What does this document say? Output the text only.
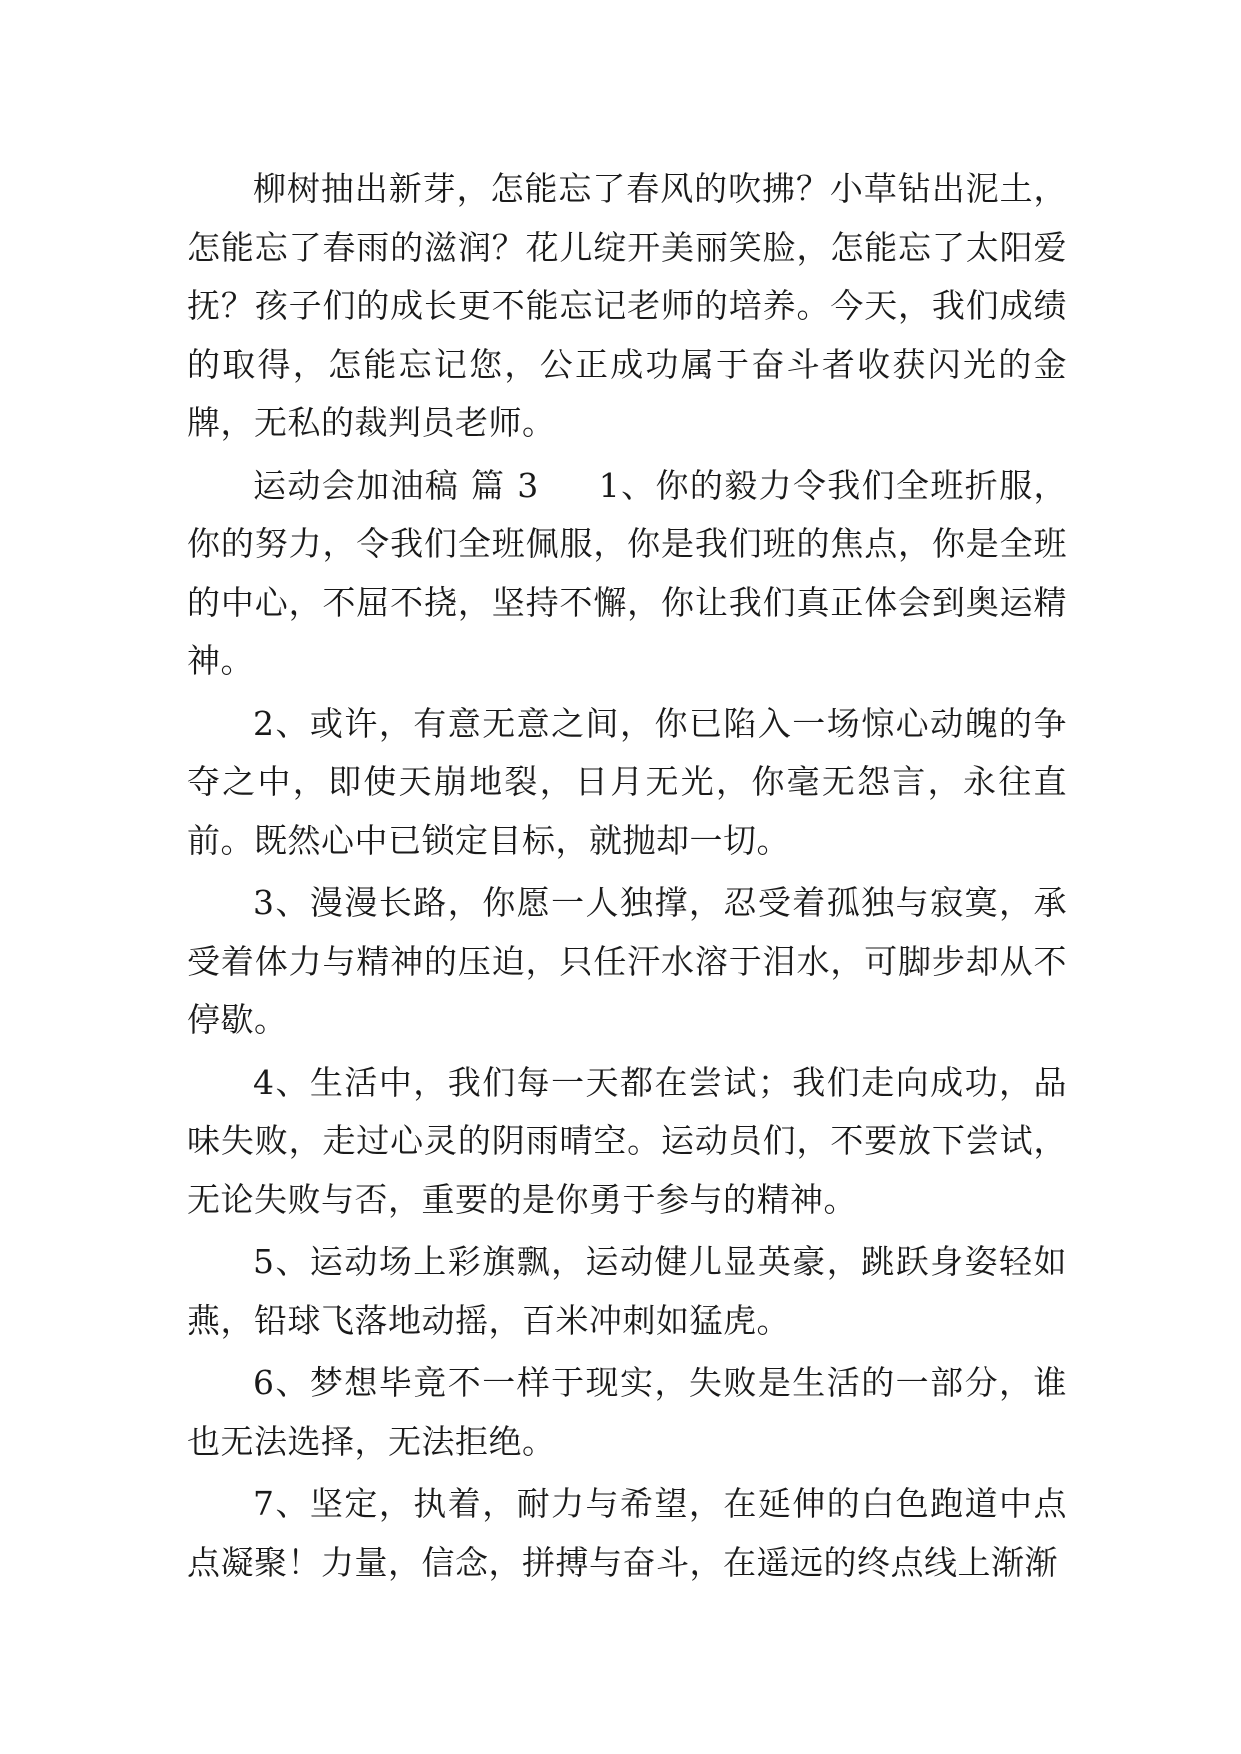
柳树抽出新芽，怎能忘了春风的吹拂？小草钻出泥土，怎能忘了春雨的滋润？花儿绽开美丽笑脸，怎能忘了太阳爱抚？孩子们的成长更不能忘记老师的培养。今天，我们成绩的取得，怎能忘记您，公正成功属于奋斗者收获闪光的金牌，无私的裁判员老师。

运动会加油稿 篇 3 1、你的毅力令我们全班折服，你的努力，令我们全班佩服，你是我们班的焦点，你是全班的中心，不屈不挠，坚持不懈，你让我们真正体会到奥运精神。

2、或许，有意无意之间，你已陷入一场惊心动魄的争夺之中，即使天崩地裂，日月无光，你毫无怨言，永往直前。既然心中已锁定目标，就抛却一切。

3、漫漫长路，你愿一人独撑，忍受着孤独与寂寞，承受着体力与精神的压迫，只任汗水溶于泪水，可脚步却从不停歇。

4、生活中，我们每一天都在尝试；我们走向成功，品味失败，走过心灵的阴雨晴空。运动员们，不要放下尝试，无论失败与否，重要的是你勇于参与的精神。

5、运动场上彩旗飘，运动健儿显英豪，跳跃身姿轻如燕，铅球飞落地动摇，百米冲刺如猛虎。

6、梦想毕竟不一样于现实，失败是生活的一部分，谁也无法选择，无法拒绝。

7、坚定，执着，耐力与希望，在延伸的白色跑道中点点凝聚！力量，信念，拼搏与奋斗，在遥远的终点线上渐渐
